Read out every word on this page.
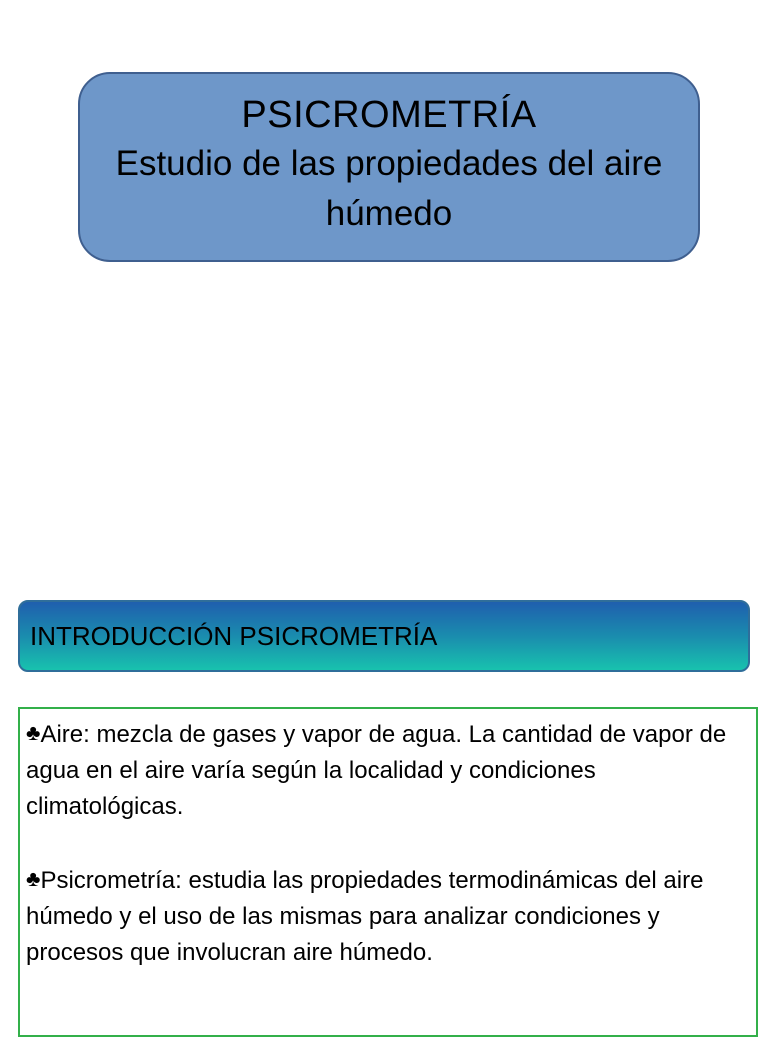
PSICROMETRÍA
Estudio de las propiedades del aire húmedo
INTRODUCCIÓN PSICROMETRÍA

♣Aire: mezcla de gases y vapor de agua. La cantidad de vapor de agua en el aire varía según la localidad y condiciones climatológicas.

♣Psicrometría: estudia las propiedades termodinámicas del aire húmedo y el uso de las mismas para analizar condiciones y procesos que involucran aire húmedo.
